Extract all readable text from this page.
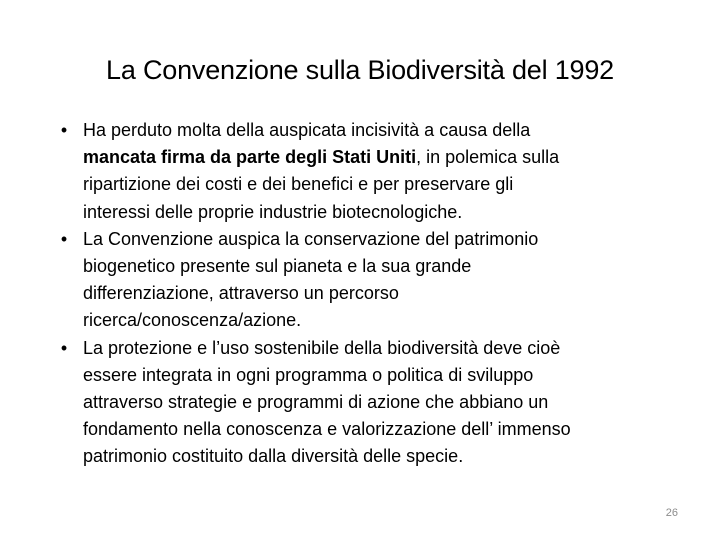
La Convenzione sulla Biodiversità del 1992
• Ha perduto molta della auspicata incisività a causa della
mancata firma da parte degli Stati Uniti, in polemica sulla
ripartizione dei costi e dei benefici e per preservare gli
interessi delle proprie industrie biotecnologiche.
• La Convenzione auspica la conservazione del patrimonio
biogenetico presente sul pianeta e la sua grande
differenziazione, attraverso un percorso
ricerca/conoscenza/azione.
• La protezione e l’uso sostenibile della biodiversità deve cioè
essere integrata in ogni programma o politica di sviluppo
attraverso strategie e programmi di azione che abbiano un
fondamento nella conoscenza e valorizzazione dell’ immenso
patrimonio costituito dalla diversità delle specie.
26
